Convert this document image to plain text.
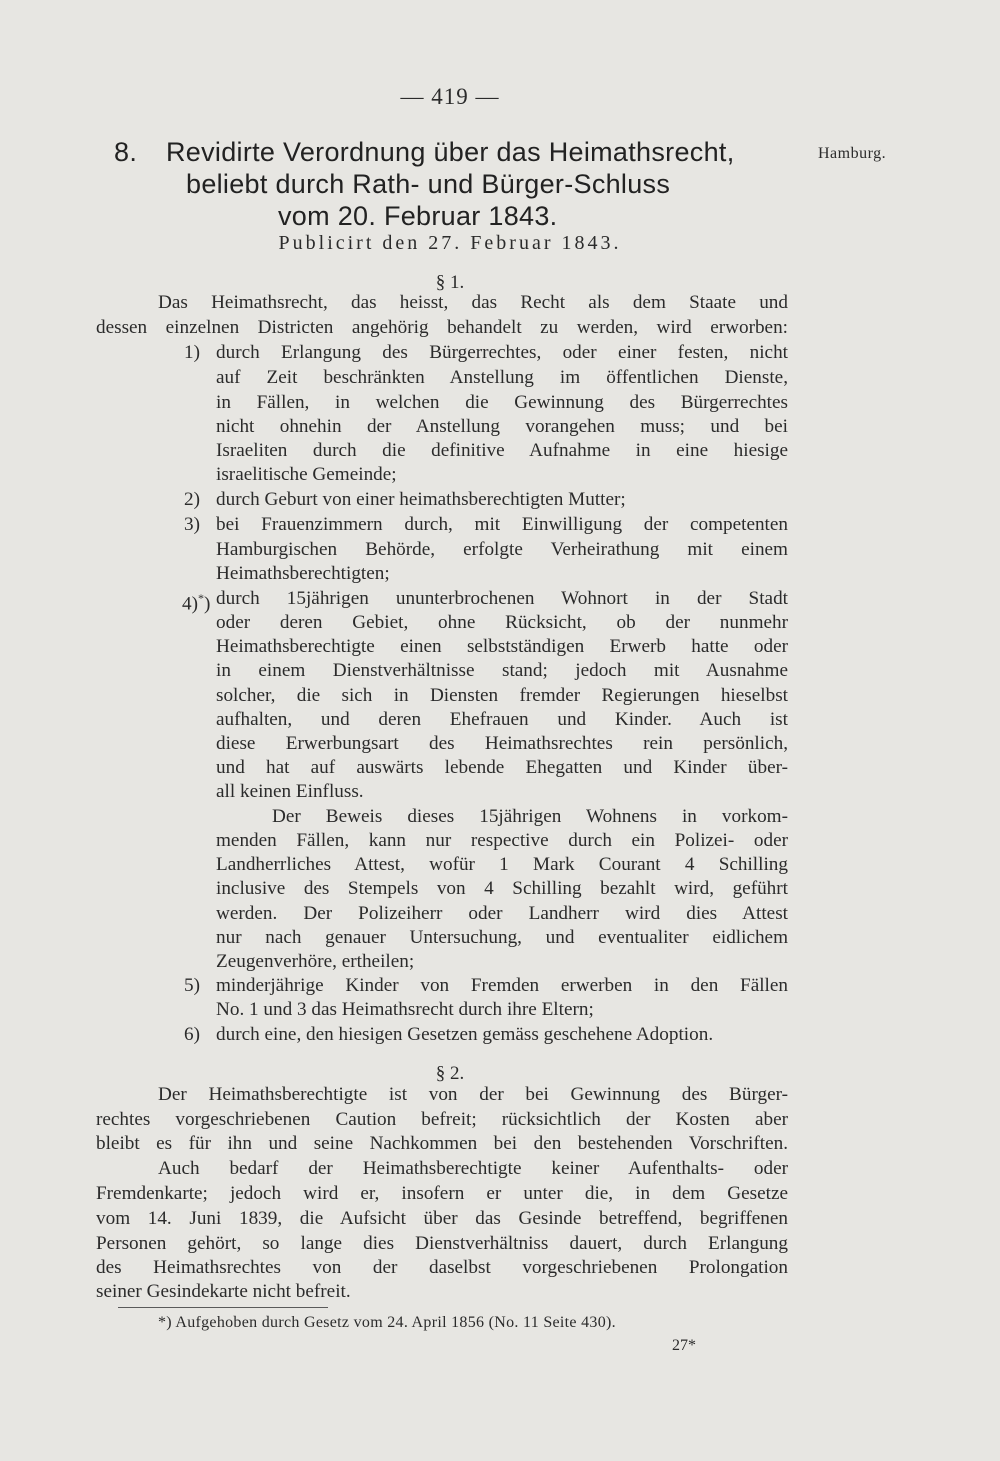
— 419 —
Hamburg.
8. Revidirte Verordnung über das Heimathsrecht,
beliebt durch Rath- und Bürger-Schluss
vom 20. Februar 1843.
Publicirt den 27. Februar 1843.
§ 1.
Das Heimathsrecht, das heisst, das Recht als dem Staate und
dessen einzelnen Districten angehörig behandelt zu werden, wird erworben:
1) durch Erlangung des Bürgerrechtes, oder einer festen, nicht
auf Zeit beschränkten Anstellung im öffentlichen Dienste,
in Fällen, in welchen die Gewinnung des Bürgerrechtes
nicht ohnehin der Anstellung vorangehen muss; und bei
Israeliten durch die definitive Aufnahme in eine hiesige
israelitische Gemeinde;
2) durch Geburt von einer heimathsberechtigten Mutter;
3) bei Frauenzimmern durch, mit Einwilligung der competenten
Hamburgischen Behörde, erfolgte Verheirathung mit einem
Heimathsberechtigten;
4)*) durch 15jährigen ununterbrochenen Wohnort in der Stadt
oder deren Gebiet, ohne Rücksicht, ob der nunmehr
Heimathsberechtigte einen selbstständigen Erwerb hatte oder
in einem Dienstverhältnisse stand; jedoch mit Ausnahme
solcher, die sich in Diensten fremder Regierungen hieselbst
aufhalten, und deren Ehefrauen und Kinder. Auch ist
diese Erwerbungsart des Heimathsrechtes rein persönlich,
und hat auf auswärts lebende Ehegatten und Kinder über-
all keinen Einfluss.
Der Beweis dieses 15jährigen Wohnens in vorkom-
menden Fällen, kann nur respective durch ein Polizei- oder
Landherrliches Attest, wofür 1 Mark Courant 4 Schilling
inclusive des Stempels von 4 Schilling bezahlt wird, geführt
werden. Der Polizeiherr oder Landherr wird dies Attest
nur nach genauer Untersuchung, und eventualiter eidlichem
Zeugenverhöre, ertheilen;
5) minderjährige Kinder von Fremden erwerben in den Fällen
No. 1 und 3 das Heimathsrecht durch ihre Eltern;
6) durch eine, den hiesigen Gesetzen gemäss geschehene Adoption.
§ 2.
Der Heimathsberechtigte ist von der bei Gewinnung des Bürger-
rechtes vorgeschriebenen Caution befreit; rücksichtlich der Kosten aber
bleibt es für ihn und seine Nachkommen bei den bestehenden Vorschriften.
Auch bedarf der Heimathsberechtigte keiner Aufenthalts- oder
Fremdenkarte; jedoch wird er, insofern er unter die, in dem Gesetze
vom 14. Juni 1839, die Aufsicht über das Gesinde betreffend, begriffenen
Personen gehört, so lange dies Dienstverhältniss dauert, durch Erlangung
des Heimathsrechtes von der daselbst vorgeschriebenen Prolongation
seiner Gesindekarte nicht befreit.
*) Aufgehoben durch Gesetz vom 24. April 1856 (No. 11 Seite 430).
27*
